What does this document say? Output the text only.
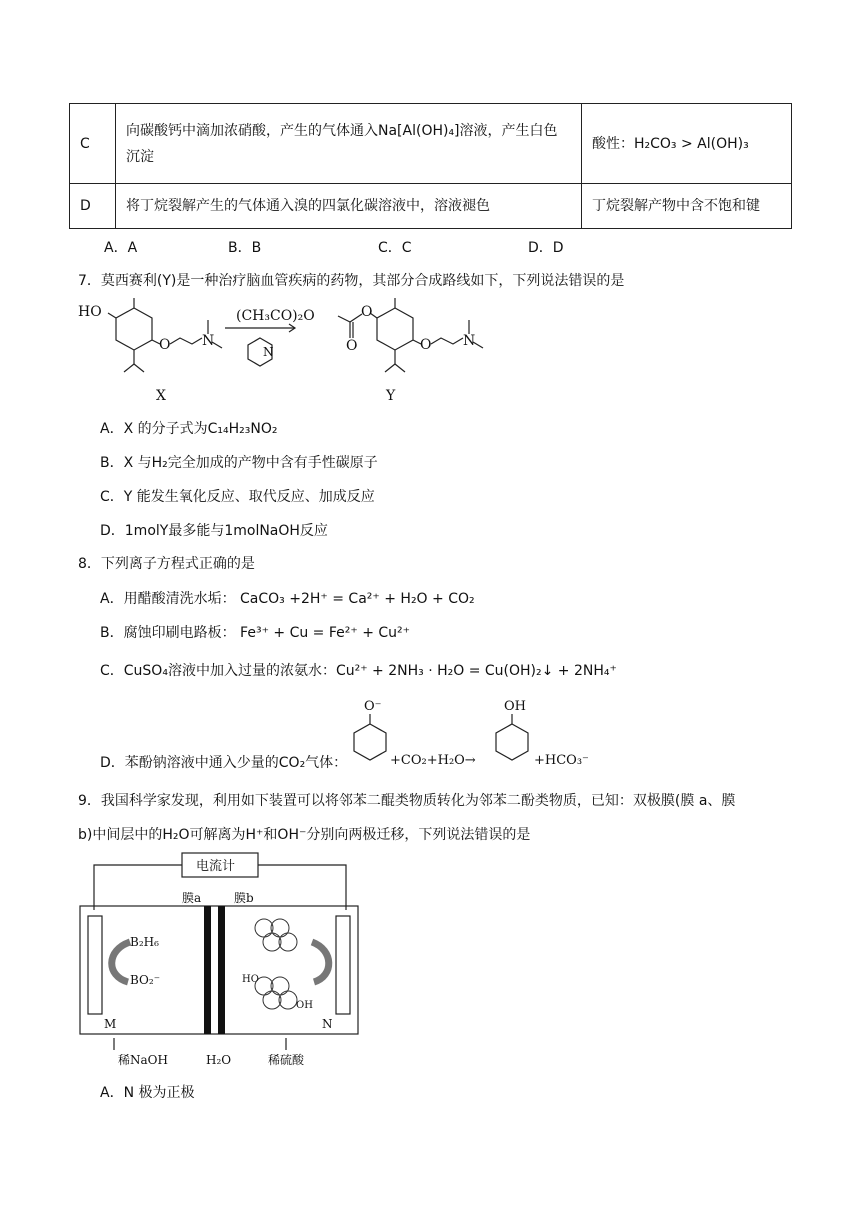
C	向碳酸钙中滴加浓硝酸，产生的气体通入Na[Al(OH)₄]溶液，产生白色沉淀	酸性：H₂CO₃ > Al(OH)₃
D	将丁烷裂解产生的气体通入溴的四氯化碳溶液中，溶液褪色	丁烷裂解产物中含不饱和键
A．A	B．B	C．C	D．D
7．莫西赛利(Y)是一种治疗脑血管疾病的药物，其部分合成路线如下，下列说法错误的是
HO
O N
(CH₃CO)₂O
N
X
O
O	O N
Y
A．X 的分子式为C₁₄H₂₃NO₂
B．X 与H₂完全加成的产物中含有手性碳原子
C．Y 能发生氧化反应、取代反应、加成反应
D．1molY最多能与1molNaOH反应
8．下列离子方程式正确的是
A．用醋酸清洗水垢： CaCO₃ +2H⁺ = Ca²⁺ + H₂O + CO₂
B．腐蚀印刷电路板： Fe³⁺ + Cu = Fe²⁺ + Cu²⁺
C．CuSO₄溶液中加入过量的浓氨水：Cu²⁺ + 2NH₃ · H₂O = Cu(OH)₂↓ + 2NH₄⁺
D．苯酚钠溶液中通入少量的CO₂气体：
O⁻
+CO₂+H₂O→
OH
+HCO₃⁻
9．我国科学家发现，利用如下装置可以将邻苯二醌类物质转化为邻苯二酚类物质，已知：双极膜(膜 a、膜
b)中间层中的H₂O可解离为H⁺和OH⁻分别向两极迁移，下列说法错误的是
电流计
膜a	膜b
B₂H₆
BO₂⁻
M	N
HO
OH
稀NaOH	H₂O	稀硫酸
A．N 极为正极
